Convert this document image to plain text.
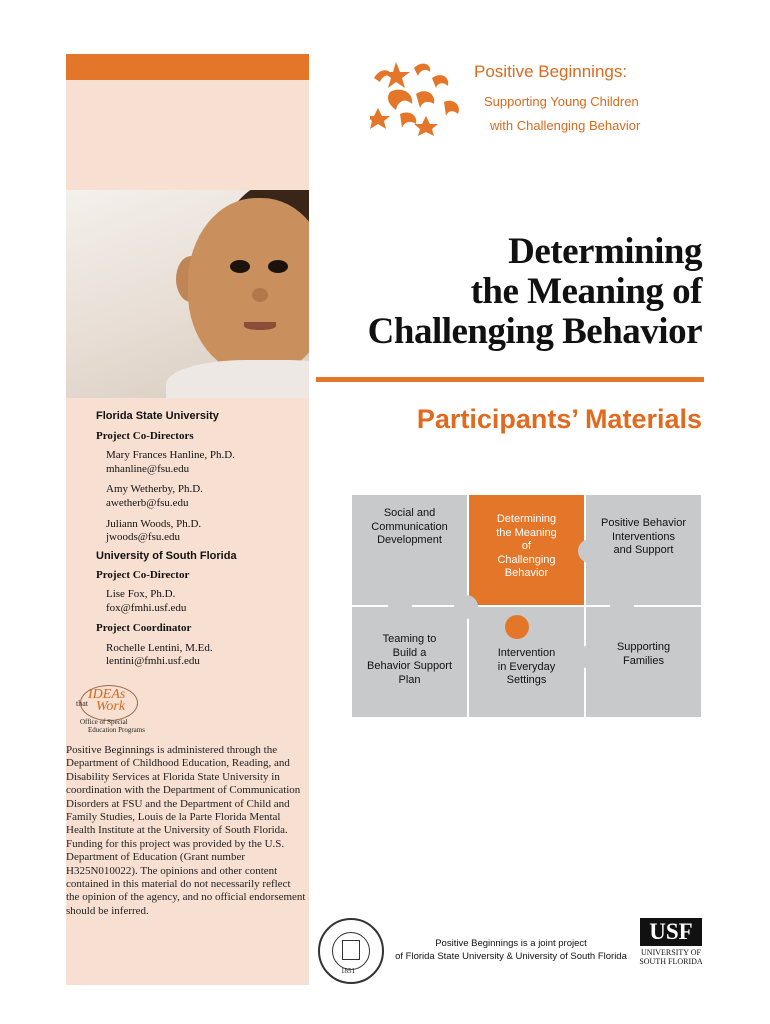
Florida State University
Project Co-Directors
Mary Frances Hanline, Ph.D.
mhanline@fsu.edu
Amy Wetherby, Ph.D.
awetherb@fsu.edu
Juliann Woods, Ph.D.
jwoods@fsu.edu
University of South Florida
Project Co-Director
Lise Fox, Ph.D.
fox@fmhi.usf.edu
Project Coordinator
Rochelle Lentini, M.Ed.
lentini@fmhi.usf.edu
IDEAs
that Work
Office of Special
Education Programs
Positive Beginnings is administered through the Department of Childhood Education, Reading, and Disability Services at Florida State University in coordination with the Department of Communication Disorders at FSU and the Department of Child and Family Studies, Louis de la Parte Florida Mental Health Institute at the University of South Florida. Funding for this project was provided by the U.S. Department of Education (Grant number H325N010022). The opinions and other content contained in this material do not necessarily reflect the opinion of the agency, and no official endorsement should be inferred.
Positive Beginnings:
Supporting Young Children
with Challenging Behavior
Determining
the Meaning of
Challenging Behavior
Participants’ Materials
Social and
Communication
Development
Determining
the Meaning
of
Challenging
Behavior
Positive Behavior
Interventions
and Support
Teaming to
Build a
Behavior Support
Plan
Intervention
in Everyday
Settings
Supporting
Families
1851
Positive Beginnings is a joint project
of Florida State University & University of South Florida
USF
UNIVERSITY OF
SOUTH FLORIDA
